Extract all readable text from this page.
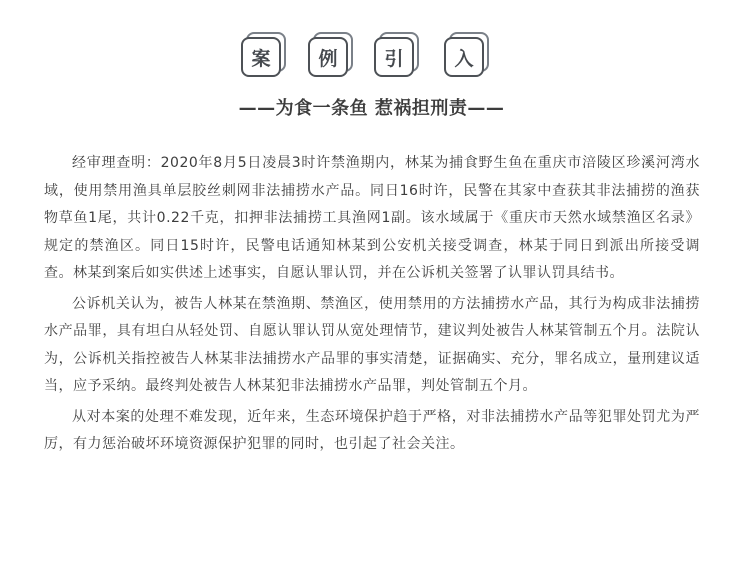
案	例	引	入
——为食一条鱼 惹祸担刑责——

经审理查明：2020年8月5日凌晨3时许禁渔期内，林某为捕食野生鱼在重庆市涪陵区珍溪河湾水域，使用禁用渔具单层胶丝刺网非法捕捞水产品。同日16时许，民警在其家中查获其非法捕捞的渔获物草鱼1尾，共计0.22千克，扣押非法捕捞工具渔网1副。该水域属于《重庆市天然水域禁渔区名录》规定的禁渔区。同日15时许，民警电话通知林某到公安机关接受调查，林某于同日到派出所接受调查。林某到案后如实供述上述事实，自愿认罪认罚，并在公诉机关签署了认罪认罚具结书。

公诉机关认为，被告人林某在禁渔期、禁渔区，使用禁用的方法捕捞水产品，其行为构成非法捕捞水产品罪，具有坦白从轻处罚、自愿认罪认罚从宽处理情节，建议判处被告人林某管制五个月。法院认为，公诉机关指控被告人林某非法捕捞水产品罪的事实清楚，证据确实、充分，罪名成立，量刑建议适当，应予采纳。最终判处被告人林某犯非法捕捞水产品罪，判处管制五个月。

从对本案的处理不难发现，近年来，生态环境保护趋于严格，对非法捕捞水产品等犯罪处罚尤为严厉，有力惩治破坏环境资源保护犯罪的同时，也引起了社会关注。
